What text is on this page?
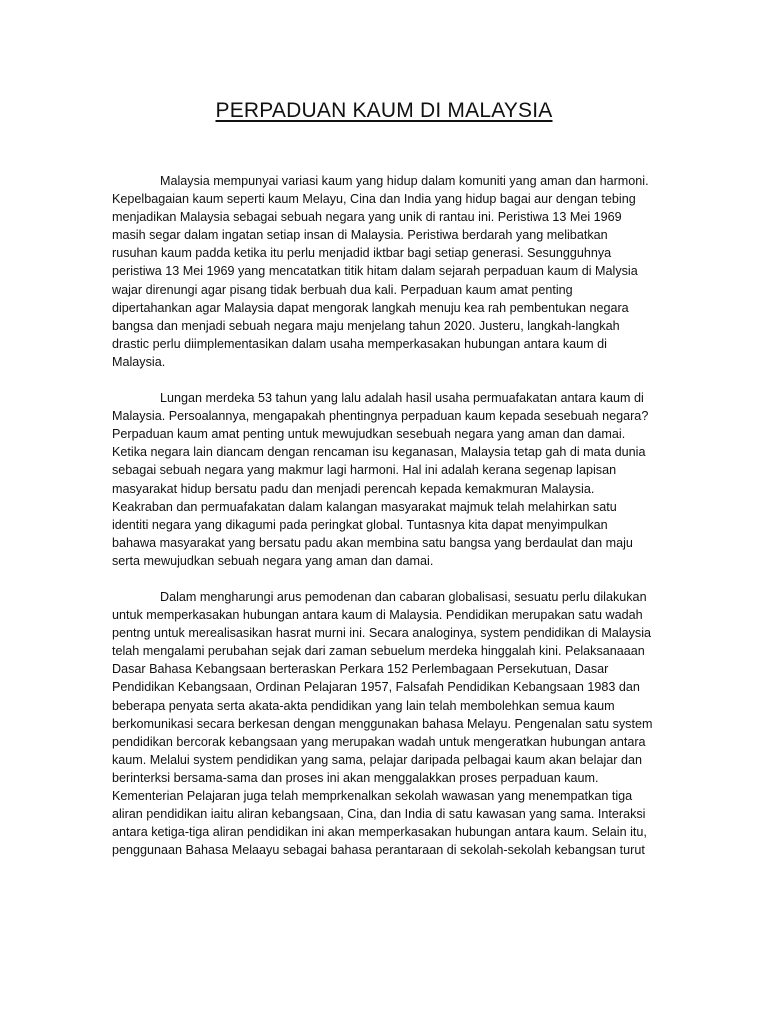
PERPADUAN KAUM DI MALAYSIA

Malaysia mempunyai variasi kaum yang hidup dalam komuniti yang aman dan harmoni.
Kepelbagaian kaum seperti kaum Melayu, Cina dan India yang hidup bagai aur dengan tebing
menjadikan Malaysia sebagai sebuah negara yang unik di rantau ini. Peristiwa 13 Mei 1969
masih segar dalam ingatan setiap insan di Malaysia. Peristiwa berdarah yang melibatkan
rusuhan kaum padda ketika itu perlu menjadid iktbar bagi setiap generasi. Sesungguhnya
peristiwa 13 Mei 1969 yang mencatatkan titik hitam dalam sejarah perpaduan kaum di Malysia
wajar direnungi agar pisang tidak berbuah dua kali. Perpaduan kaum amat penting
dipertahankan agar Malaysia dapat mengorak langkah menuju kea rah pembentukan negara
bangsa dan menjadi sebuah negara maju menjelang tahun 2020. Justeru, langkah-langkah
drastic perlu diimplementasikan dalam usaha memperkasakan hubungan antara kaum di
Malaysia.

Lungan merdeka 53 tahun yang lalu adalah hasil usaha permuafakatan antara kaum di
Malaysia. Persoalannya, mengapakah phentingnya perpaduan kaum kepada sesebuah negara?
Perpaduan kaum amat penting untuk mewujudkan sesebuah negara yang aman dan damai.
Ketika negara lain diancam dengan rencaman isu keganasan, Malaysia tetap gah di mata dunia
sebagai sebuah negara yang makmur lagi harmoni. Hal ini adalah kerana segenap lapisan
masyarakat hidup bersatu padu dan menjadi perencah kepada kemakmuran Malaysia.
Keakraban dan permuafakatan dalam kalangan masyarakat majmuk telah melahirkan satu
identiti negara yang dikagumi pada peringkat global. Tuntasnya kita dapat menyimpulkan
bahawa masyarakat yang bersatu padu akan membina satu bangsa yang berdaulat dan maju
serta mewujudkan sebuah negara yang aman dan damai.

Dalam mengharungi arus pemodenan dan cabaran globalisasi, sesuatu perlu dilakukan
untuk memperkasakan hubungan antara kaum di Malaysia. Pendidikan merupakan satu wadah
pentng untuk merealisasikan hasrat murni ini. Secara analoginya, system pendidikan di Malaysia
telah mengalami perubahan sejak dari zaman sebuelum merdeka hinggalah kini. Pelaksanaaan
Dasar Bahasa Kebangsaan berteraskan Perkara 152 Perlembagaan Persekutuan, Dasar
Pendidikan Kebangsaan, Ordinan Pelajaran 1957, Falsafah Pendidikan Kebangsaan 1983 dan
beberapa penyata serta akata-akta pendidikan yang lain telah membolehkan semua kaum
berkomunikasi secara berkesan dengan menggunakan bahasa Melayu. Pengenalan satu system
pendidikan bercorak kebangsaan yang merupakan wadah untuk mengeratkan hubungan antara
kaum. Melalui system pendidikan yang sama, pelajar daripada pelbagai kaum akan belajar dan
berinterksi bersama-sama dan proses ini akan menggalakkan proses perpaduan kaum.
Kementerian Pelajaran juga telah memprkenalkan sekolah wawasan yang menempatkan tiga
aliran pendidikan iaitu aliran kebangsaan, Cina, dan India di satu kawasan yang sama. Interaksi
antara ketiga-tiga aliran pendidikan ini akan memperkasakan hubungan antara kaum. Selain itu,
penggunaan Bahasa Melaayu sebagai bahasa perantaraan di sekolah-sekolah kebangsan turut
